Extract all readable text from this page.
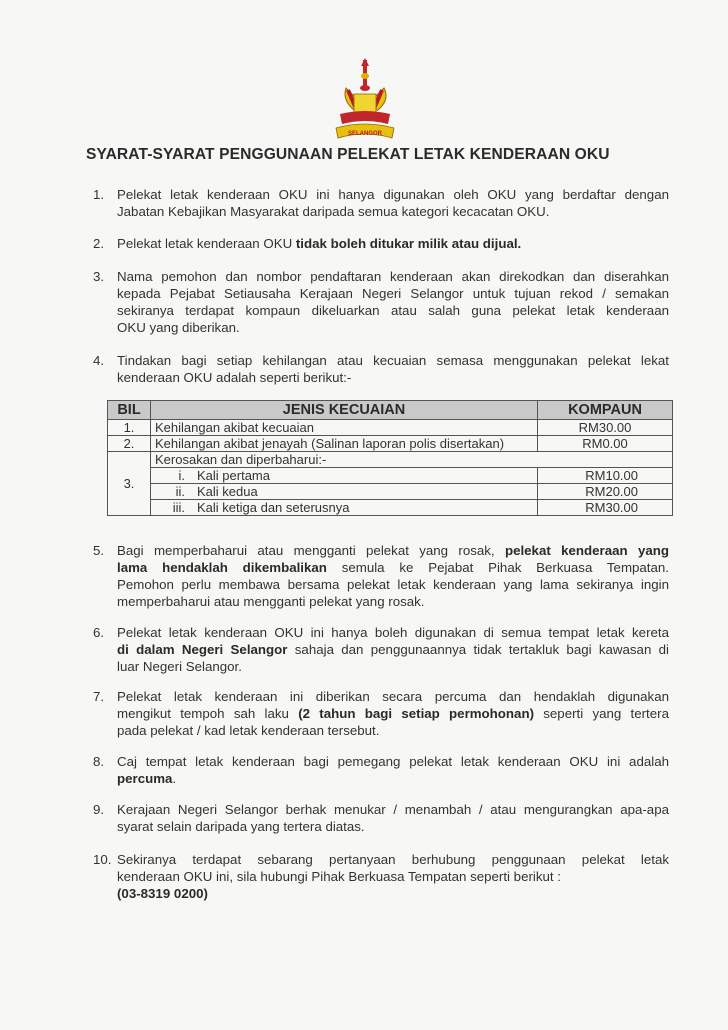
SELANGOR
SYARAT-SYARAT PENGGUNAAN PELEKAT LETAK KENDERAAN OKU
1. Pelekat letak kenderaan OKU ini hanya digunakan oleh OKU yang berdaftar dengan
Jabatan Kebajikan Masyarakat daripada semua kategori kecacatan OKU.
2. Pelekat letak kenderaan OKU tidak boleh ditukar milik atau dijual.
3. Nama pemohon dan nombor pendaftaran kenderaan akan direkodkan dan diserahkan
kepada Pejabat Setiausaha Kerajaan Negeri Selangor untuk tujuan rekod / semakan
sekiranya terdapat kompaun dikeluarkan atau salah guna pelekat letak kenderaan
OKU yang diberikan.
4. Tindakan bagi setiap kehilangan atau kecuaian semasa menggunakan pelekat lekat
kenderaan OKU adalah seperti berikut:-
BIL	JENIS KECUAIAN		KOMPAUN
1.	Kehilangan akibat kecuaian		RM30.00
2.	Kehilangan akibat jenayah (Salinan laporan polis disertakan)		RM0.00
3.	Kerosakan dan diperbaharui:-		
	i.	Kali pertama	RM10.00
	ii.	Kali kedua	RM20.00
	iii.	Kali ketiga dan seterusnya	RM30.00
5. Bagi memperbaharui atau mengganti pelekat yang rosak, pelekat kenderaan yang
lama hendaklah dikembalikan semula ke Pejabat Pihak Berkuasa Tempatan.
Pemohon perlu membawa bersama pelekat letak kenderaan yang lama sekiranya ingin
memperbaharui atau mengganti pelekat yang rosak.
6. Pelekat letak kenderaan OKU ini hanya boleh digunakan di semua tempat letak kereta
di dalam Negeri Selangor sahaja dan penggunaannya tidak tertakluk bagi kawasan di
luar Negeri Selangor.
7. Pelekat letak kenderaan ini diberikan secara percuma dan hendaklah digunakan
mengikut tempoh sah laku (2 tahun bagi setiap permohonan) seperti yang tertera
pada pelekat / kad letak kenderaan tersebut.
8. Caj tempat letak kenderaan bagi pemegang pelekat letak kenderaan OKU ini adalah
percuma.
9. Kerajaan Negeri Selangor berhak menukar / menambah / atau mengurangkan apa-apa
syarat selain daripada yang tertera diatas.
10. Sekiranya terdapat sebarang pertanyaan berhubung penggunaan pelekat letak
kenderaan OKU ini, sila hubungi Pihak Berkuasa Tempatan seperti berikut :
(03-8319 0200)
